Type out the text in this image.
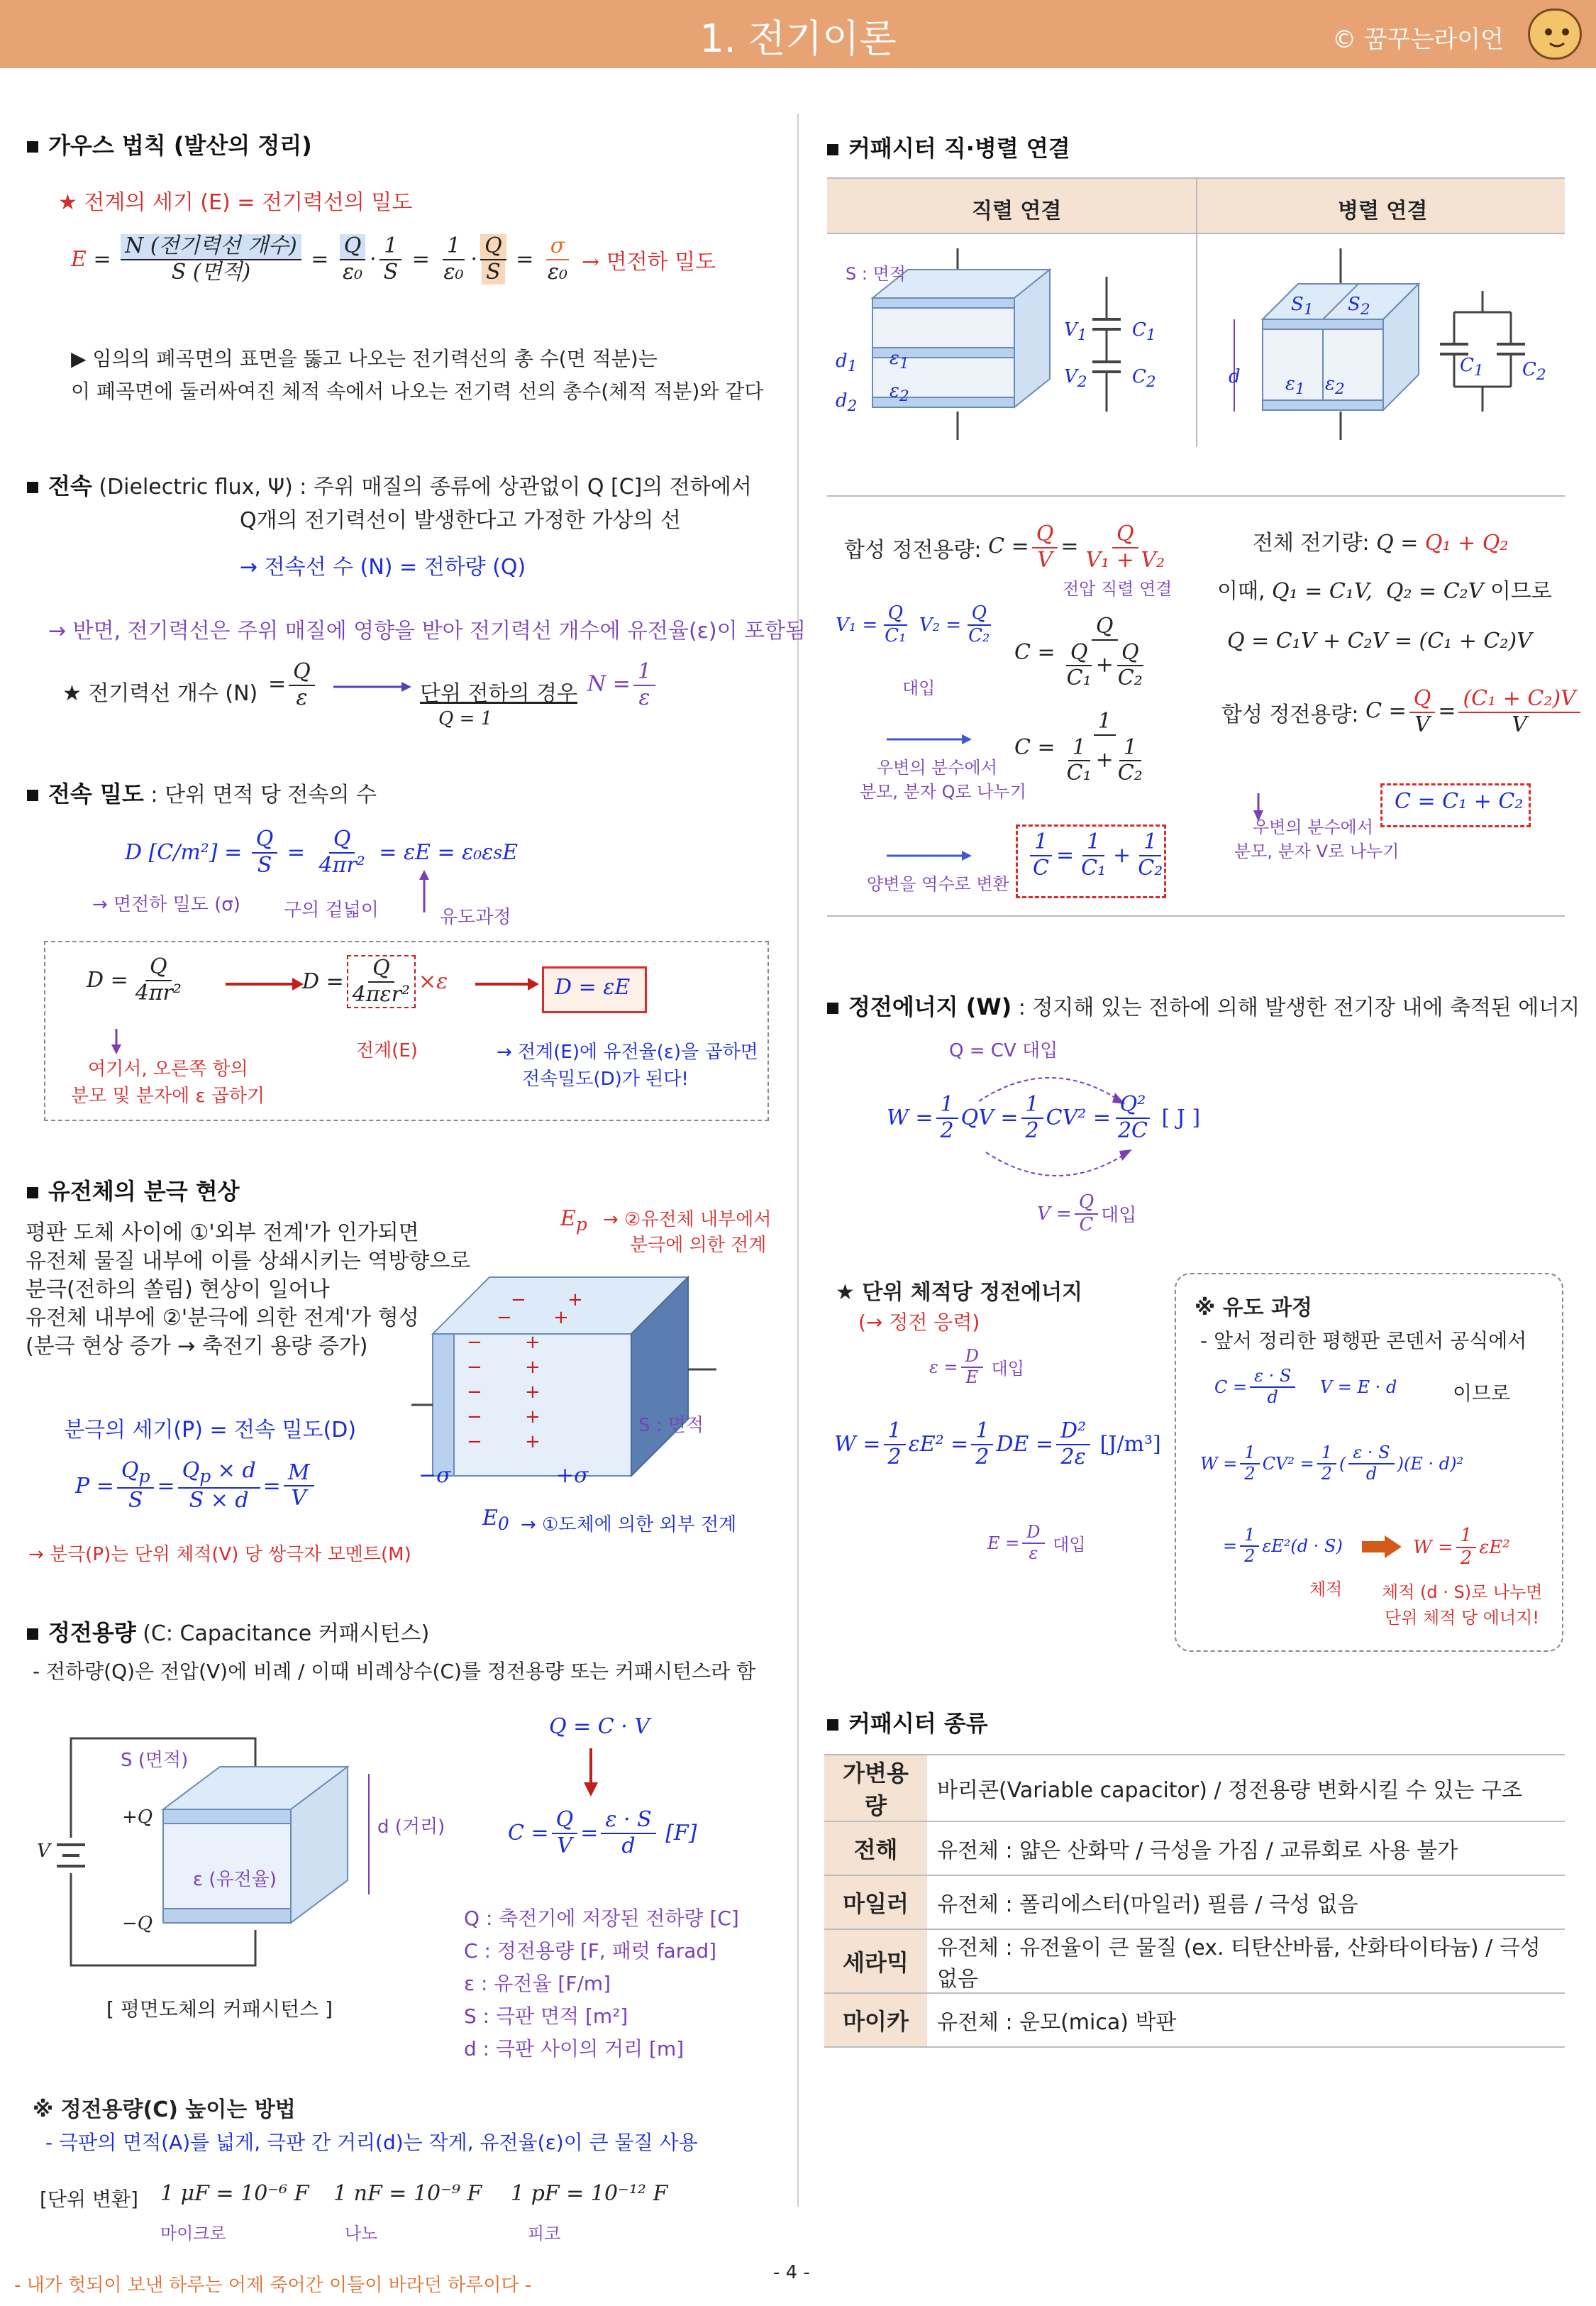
1. 전기이론	© 꿈꾸는라이언
가우스 법칙 (발산의 정리)
★ 전계의 세기 (E) = 전기력선의 밀도
$E = \frac{\text{N (전기력선 개수)}}{\text{S (면적)}} = \frac{Q}{\text{ε₀}} \cdot \frac{1}{S} = \frac{1}{\text{ε₀}} \cdot \frac{Q}{S} = \frac{\sigma}{\text{ε₀}}$ → 면전하 밀도
▶ 임의의 폐곡면의 표면을 뚫고 나오는 전기력선의 총 수(면 적분)는
이 폐곡면에 둘러싸여진 체적 속에서 나오는 전기력 선의 총수(체적 적분)와 같다
전속 (Dielectric flux, Ψ) : 주위 매질의 종류에 상관없이 Q [C]의 전하에서
Q개의 전기력선이 발생한다고 가정한 가상의 선
→ 전속선 수 (N) = 전하량 (Q)
→ 반면, 전기력선은 주위 매질에 영향을 받아 전기력선 개수에 유전율(ε)이 포함됨
★ 전기력선 개수 $(N) = \frac{Q}{\varepsilon}$	단위 전하의 경우
Q = 1
$N = \frac{1}{\varepsilon}$
전속 밀도 : 단위 면적 당 전속의 수
D [C/m²] =
$\frac{Q}{S} = \frac{Q}{\text{4πr²}} = \varepsilon E = \varepsilon_0\varepsilon$ s E
→ 면전하 밀도 (σ) 구의 겉넓이	유도과정
$D = \frac{Q}{\text{4πr²}}$	$D = \frac{Q}{\text{4πεr²}} \times\varepsilon$	D = εE
여기서, 오른쪽 항의
분모 및 분자에 ε 곱하기
전계(E)	→ 전계(E)에 유전율(ε)을 곱하면
전속밀도(D)가 된다!
유전체의 분극 현상
평판 도체 사이에 ①'외부 전계'가 인가되면
유전체 물질 내부에 이를 상쇄시키는 역방향으로
분극(전하의 쏠림) 현상이 일어나
유전체 내부에 ②'분극에 의한 전계'가 형성
(분극 현상 증가 → 축전기 용량 증가)
분극의 세기(P) = 전속 밀도(D)
$P = \frac{Q_p}{S} = \frac{Q_p \times d}{S \times d} = \frac{M}{V}$
→ 분극(P)는 단위 체적(V) 당 쌍극자 모멘트(M)
−
−
−
−
−
+
+
+
+
+
− +
− +
$E_p$ → ②유전체 내부에서
분극에 의한 전계
S : 면적
−σ	+σ
$E_0$ → ①도체에 의한 외부 전계
정전용량 (C: Capacitance 커패시턴스)
- 전하량(Q)은 전압(V)에 비례 / 이때 비례상수(C)를 정전용량 또는 커패시턴스라 함
S (면적)
d (거리)
ε (유전율)
+Q
−Q
V
[ 평면도체의 커패시턴스 ]
Q = C · V
$C = \frac{Q}{V} = \frac{\varepsilon \cdot S}{d} [F]$
Q : 축전기에 저장된 전하량 [C]
C : 정전용량 [F, 패럿 farad]
ε : 유전율 [F/m]
S : 극판 면적 [m²]
d : 극판 사이의 거리 [m]
※ 정전용량(C) 높이는 방법
- 극판의 면적(A)를 넓게, 극판 간 거리(d)는 작게, 유전율(ε)이 큰 물질 사용
[단위 변환] 1 μF = 10⁻⁶ F 1 nF = 10⁻⁹ F 1 pF = 10⁻¹² F
마이크로	나노	피코
커패시터 직·병렬 연결
직렬 연결	병렬 연결
S : 면적
$d_1$
$d_2$
$\varepsilon_1$
$\varepsilon_2$
$V_1$
$V_2$
$C_1$
$C_2$
$S_1$ $S_2$
d $\varepsilon_1$ $\varepsilon_2$
$C_1$ $C_2$
합성 정전용량:
$C = \frac{Q}{V} = \frac{Q}{\text{V₁ + V₂}}$
전압 직렬 연결
$V_1 = \frac{Q}{\text{C₁}} V_2 = \frac{Q}{\text{C₂}}$
대입
$C = \frac{Q}{\frac{Q}{\text{C₁}} + \frac{Q}{\text{C₂}}}$
우변의 분수에서
분모, 분자 Q로 나누기
$C = \frac{1}{\frac{1}{\text{C₁}} + \frac{1}{\text{C₂}}}$
양변을 역수로 변환
$\frac{1}{C} = \frac{1}{\text{C₁}} + \frac{1}{\text{C₂}}$
전체 전기량: Q = Q₁ + Q₂
이때, Q₁ = C₁V,  Q₂ = C₂V 이므로
Q = C₁V + C₂V = (C₁ + C₂)V
합성 정전용량:
$C = \frac{Q}{V} = \frac{\text{(C₁ + C₂)V}}{V}$
우변의 분수에서
분모, 분자 V로 나누기
C = C₁ + C₂
정전에너지 (W) : 정지해 있는 전하에 의해 발생한 전기장 내에 축적된 에너지
Q = CV 대입
$W = \frac{1}{2}$ QV = $\frac{1}{2} CV^2 = \frac{\text{Q²}}{2C}$
[ J ]
$V = \frac{Q}{C}$ 대입
★ 단위 체적당 정전에너지
(→ 정전 응력)
$\varepsilon = \frac{D}{E}$
대입
$W = \frac{1}{2} \varepsilon E^2 = \frac{1}{2}$ DE = $\frac{\text{D²}}{2\varepsilon}$
[J/m³]
$E = \frac{D}{\varepsilon}$
대입
※ 유도 과정
- 앞서 정리한 평행판 콘덴서 공식에서
$C = \frac{\varepsilon \cdot S}{d}$ V = E · d	이므로
$W = \frac{1}{2} CV^2 = \frac{1}{2}$ ( $\frac{\varepsilon \cdot S}{d} )(E \cdot d)^2$
= $\frac{1}{2} \varepsilon E^2(d \cdot S)$	$W = \frac{1}{2} \varepsilon E^2$
체적 체적 (d · S)로 나누면
단위 체적 당 에너지!
커패시터 종류
가변용량	바리콘(Variable capacitor) / 정전용량 변화시킬 수 있는 구조
전해	유전체 : 얇은 산화막 / 극성을 가짐 / 교류회로 사용 불가
마일러	유전체 : 폴리에스터(마일러) 필름 / 극성 없음
세라믹	유전체 : 유전율이 큰 물질 (ex. 티탄산바륨, 산화타이타늄) / 극성 없음
마이카	유전체 : 운모(mica) 박판
- 내가 헛되이 보낸 하루는 어제 죽어간 이들이 바라던 하루이다 -
- 4 -
